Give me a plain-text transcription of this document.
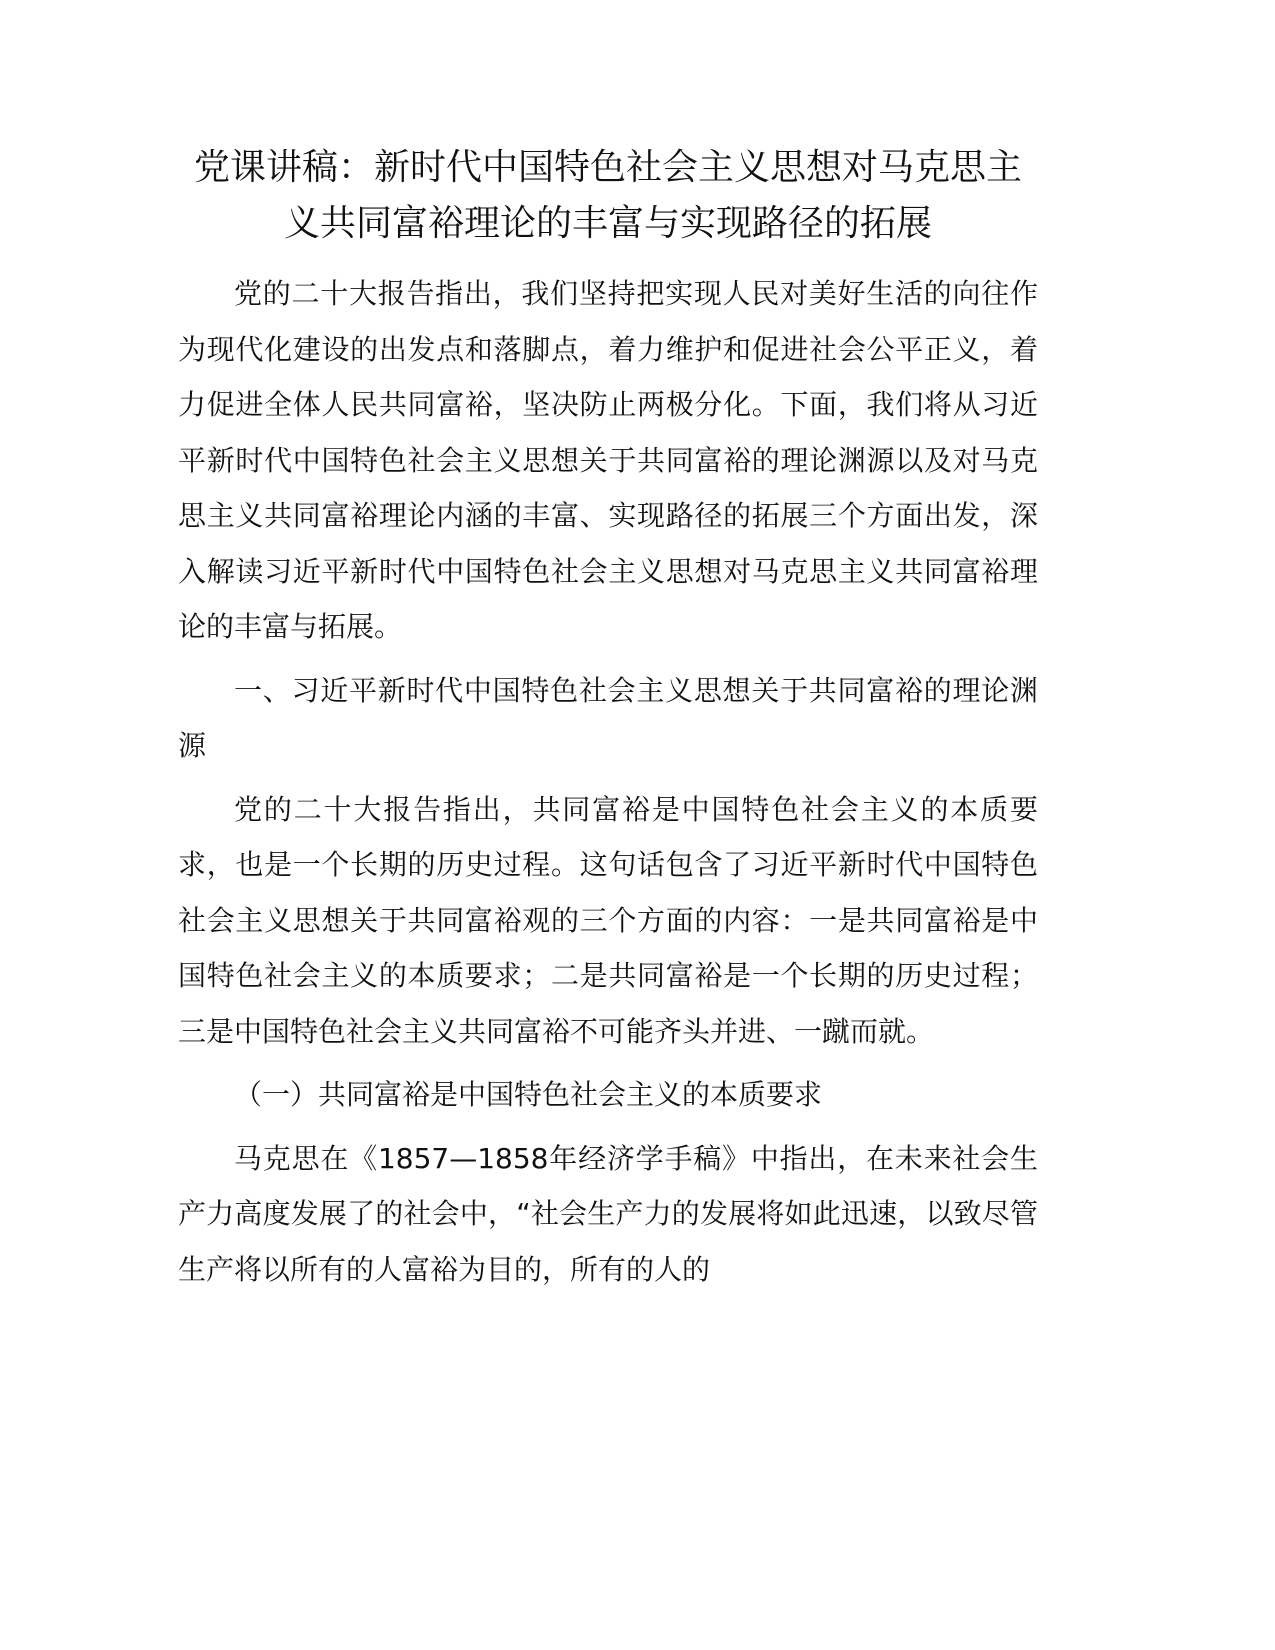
党课讲稿：新时代中国特色社会主义思想对马克思主义共同富裕理论的丰富与实现路径的拓展

党的二十大报告指出，我们坚持把实现人民对美好生活的向往作为现代化建设的出发点和落脚点，着力维护和促进社会公平正义，着力促进全体人民共同富裕，坚决防止两极分化。下面，我们将从习近平新时代中国特色社会主义思想关于共同富裕的理论渊源以及对马克思主义共同富裕理论内涵的丰富、实现路径的拓展三个方面出发，深入解读习近平新时代中国特色社会主义思想对马克思主义共同富裕理论的丰富与拓展。

一、习近平新时代中国特色社会主义思想关于共同富裕的理论渊源

党的二十大报告指出，共同富裕是中国特色社会主义的本质要求，也是一个长期的历史过程。这句话包含了习近平新时代中国特色社会主义思想关于共同富裕观的三个方面的内容：一是共同富裕是中国特色社会主义的本质要求；二是共同富裕是一个长期的历史过程；三是中国特色社会主义共同富裕不可能齐头并进、一蹴而就。

（一）共同富裕是中国特色社会主义的本质要求

马克思在《1857—1858年经济学手稿》中指出，在未来社会生产力高度发展了的社会中，“社会生产力的发展将如此迅速，以致尽管生产将以所有的人富裕为目的，所有的人的
